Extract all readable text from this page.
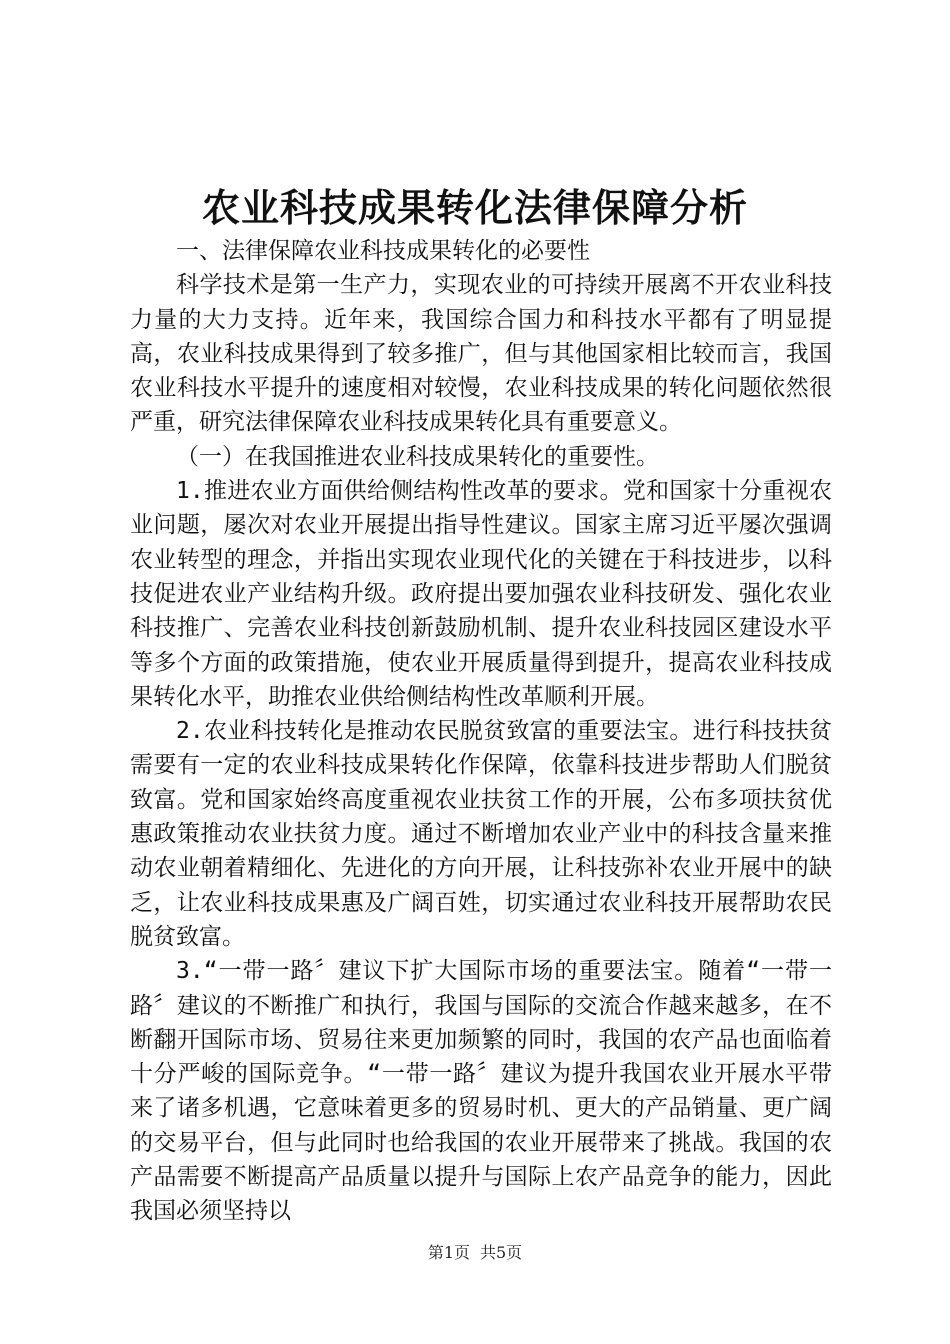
农业科技成果转化法律保障分析

一、法律保障农业科技成果转化的必要性

科学技术是第一生产力，实现农业的可持续开展离不开农业科技力量的大力支持。近年来，我国综合国力和科技水平都有了明显提高，农业科技成果得到了较多推广，但与其他国家相比较而言，我国农业科技水平提升的速度相对较慢，农业科技成果的转化问题依然很严重，研究法律保障农业科技成果转化具有重要意义。

（一）在我国推进农业科技成果转化的重要性。

1.推进农业方面供给侧结构性改革的要求。党和国家十分重视农业问题，屡次对农业开展提出指导性建议。国家主席习近平屡次强调农业转型的理念，并指出实现农业现代化的关键在于科技进步，以科技促进农业产业结构升级。政府提出要加强农业科技研发、强化农业科技推广、完善农业科技创新鼓励机制、提升农业科技园区建设水平等多个方面的政策措施，使农业开展质量得到提升，提高农业科技成果转化水平，助推农业供给侧结构性改革顺利开展。

2.农业科技转化是推动农民脱贫致富的重要法宝。进行科技扶贫需要有一定的农业科技成果转化作保障，依靠科技进步帮助人们脱贫致富。党和国家始终高度重视农业扶贫工作的开展，公布多项扶贫优惠政策推动农业扶贫力度。通过不断增加农业产业中的科技含量来推动农业朝着精细化、先进化的方向开展，让科技弥补农业开展中的缺乏，让农业科技成果惠及广阔百姓，切实通过农业科技开展帮助农民脱贫致富。

3.“一带一路〞建议下扩大国际市场的重要法宝。随着“一带一路〞建议的不断推广和执行，我国与国际的交流合作越来越多，在不断翻开国际市场、贸易往来更加频繁的同时，我国的农产品也面临着十分严峻的国际竞争。“一带一路〞建议为提升我国农业开展水平带来了诸多机遇，它意味着更多的贸易时机、更大的产品销量、更广阔的交易平台，但与此同时也给我国的农业开展带来了挑战。我国的农产品需要不断提高产品质量以提升与国际上农产品竞争的能力，因此我国必须坚持以

第1页 共5页
